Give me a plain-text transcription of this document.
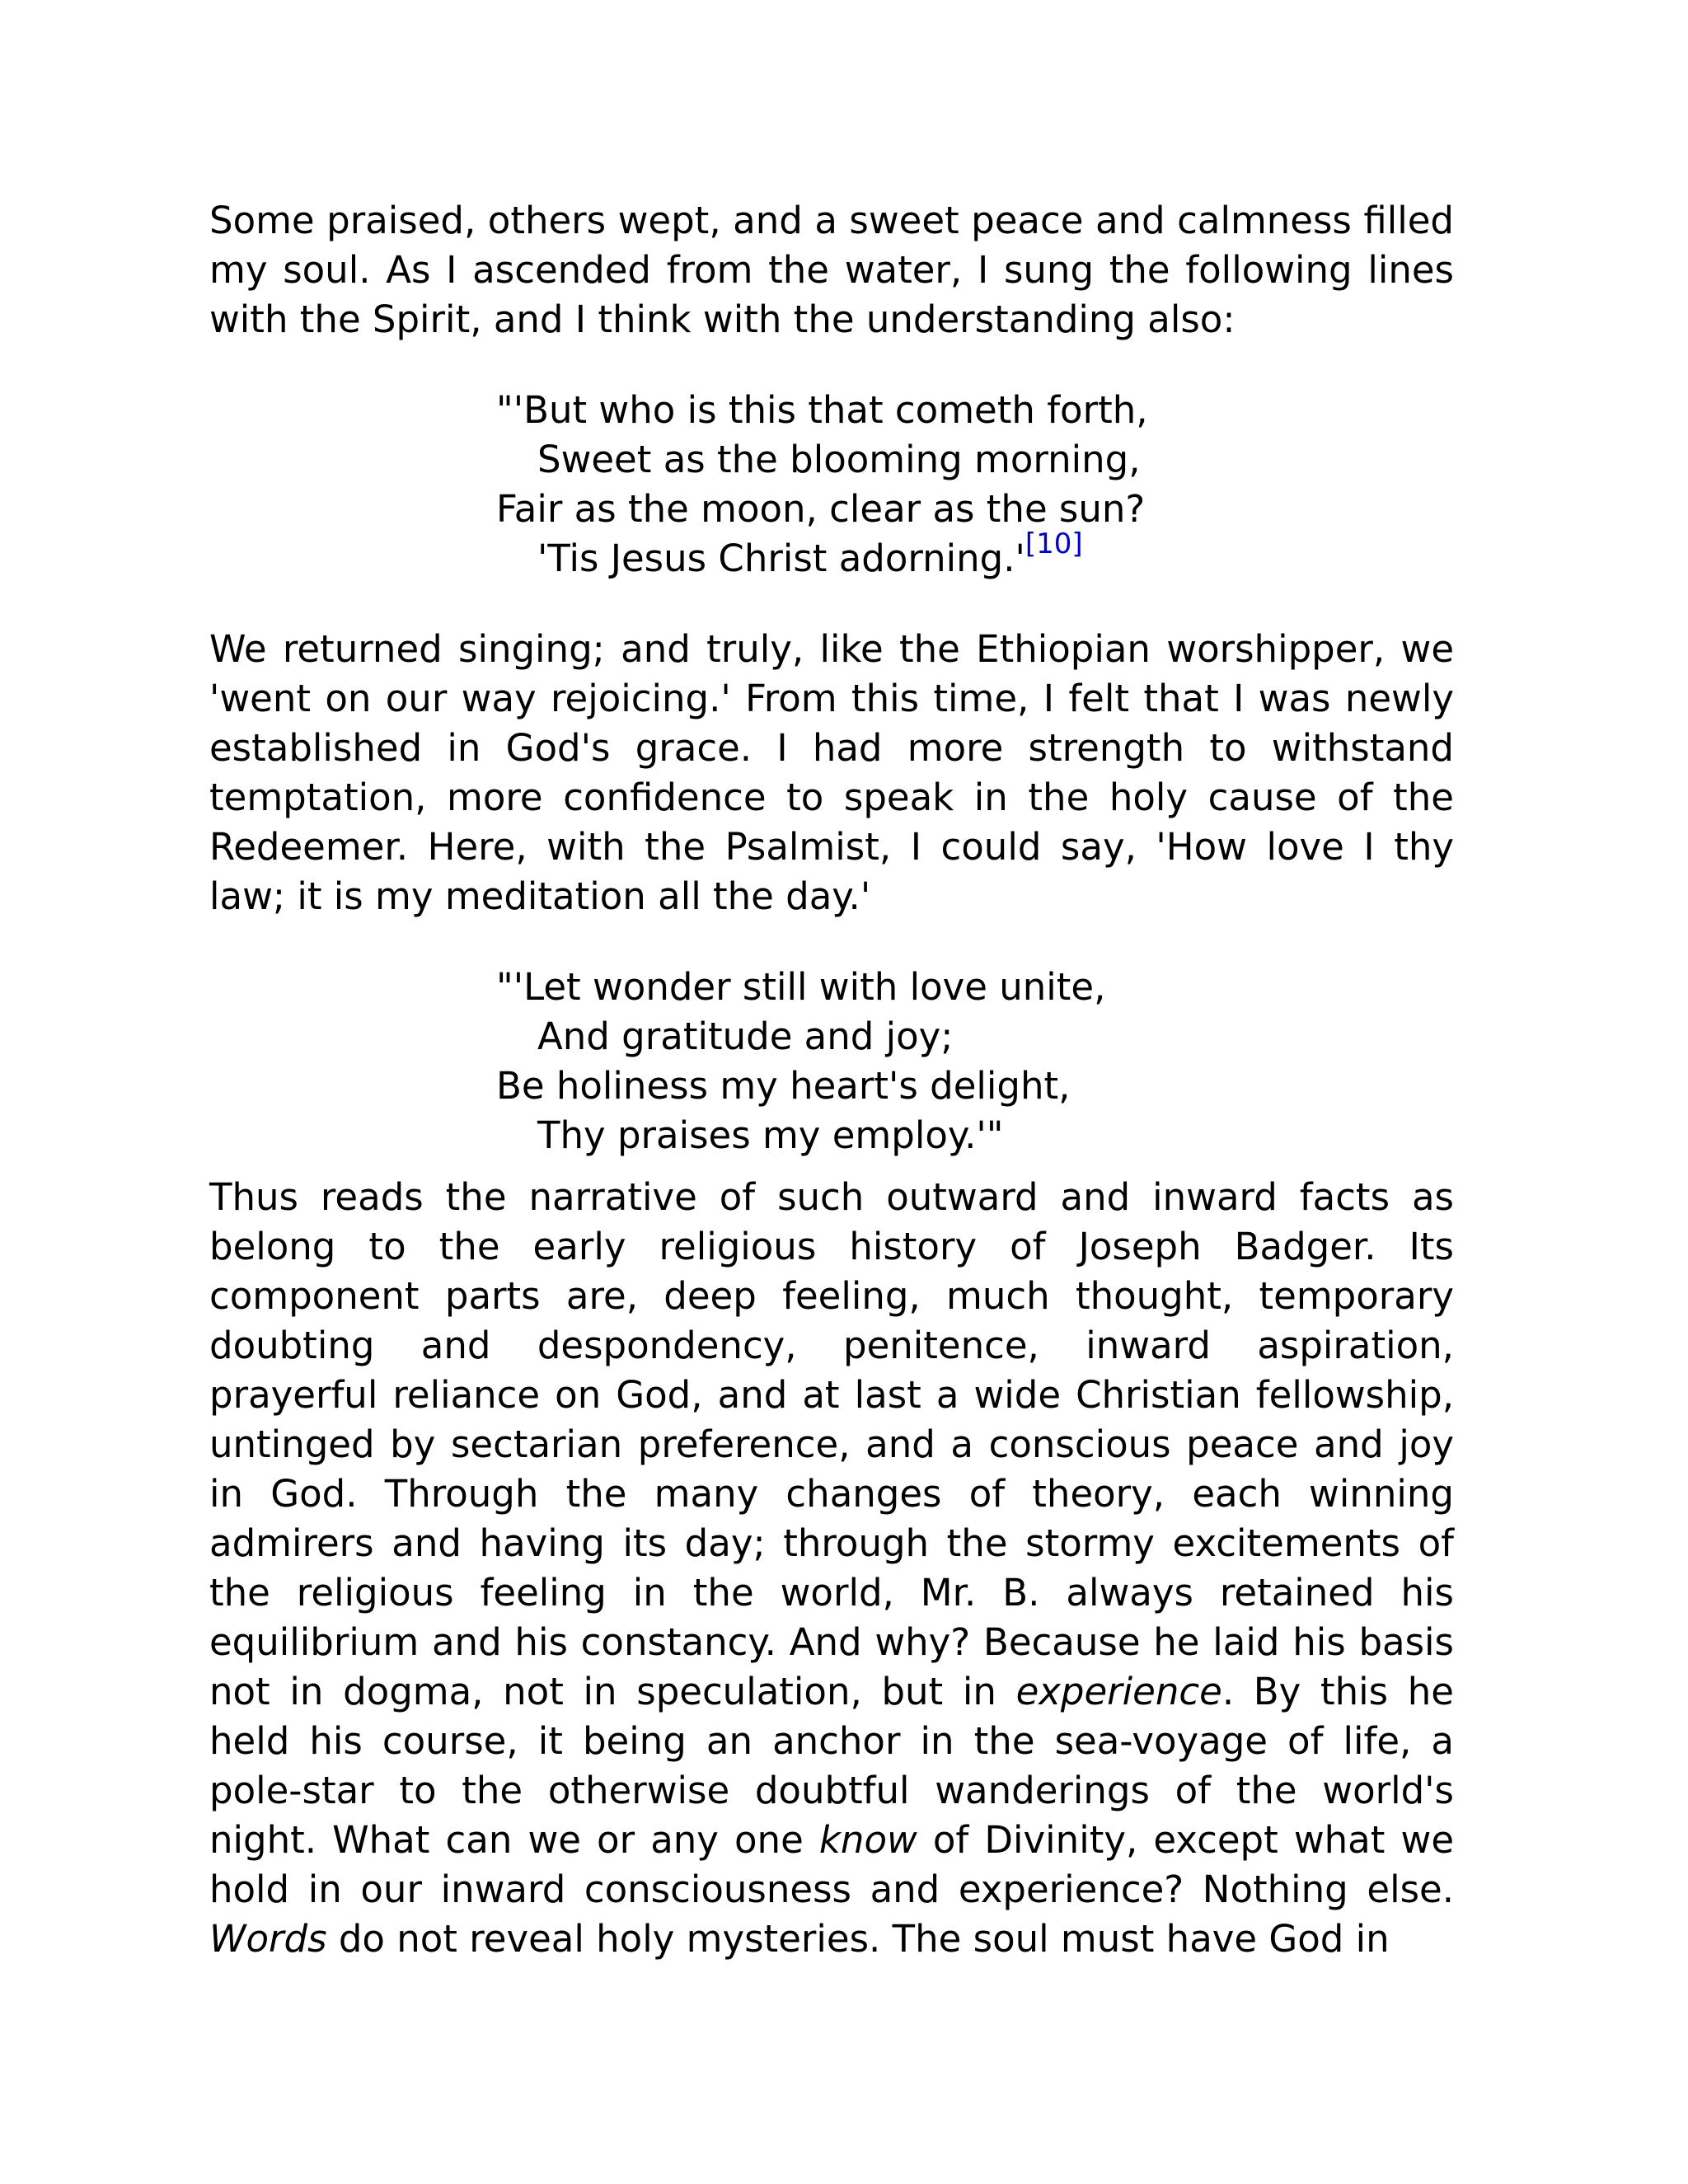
Some praised, others wept, and a sweet peace and calmness filled my soul. As I ascended from the water, I sung the following lines with the Spirit, and I think with the understanding also:

"'But who is this that cometh forth,
Sweet as the blooming morning,
Fair as the moon, clear as the sun?
'Tis Jesus Christ adorning.'[10]

We returned singing; and truly, like the Ethiopian worshipper, we 'went on our way rejoicing.' From this time, I felt that I was newly established in God's grace. I had more strength to withstand temptation, more confidence to speak in the holy cause of the Redeemer. Here, with the Psalmist, I could say, 'How love I thy law; it is my meditation all the day.'

"'Let wonder still with love unite,
And gratitude and joy;
Be holiness my heart's delight,
Thy praises my employ.'"

Thus reads the narrative of such outward and inward facts as belong to the early religious history of Joseph Badger. Its component parts are, deep feeling, much thought, temporary doubting and despondency, penitence, inward aspiration, prayerful reliance on God, and at last a wide Christian fellowship, untinged by sectarian preference, and a conscious peace and joy in God. Through the many changes of theory, each winning admirers and having its day; through the stormy excitements of the religious feeling in the world, Mr. B. always retained his equilibrium and his constancy. And why? Because he laid his basis not in dogma, not in speculation, but in experience. By this he held his course, it being an anchor in the sea-voyage of life, a pole-star to the otherwise doubtful wanderings of the world's night. What can we or any one know of Divinity, except what we hold in our inward consciousness and experience? Nothing else. Words do not reveal holy mysteries. The soul must have God in
